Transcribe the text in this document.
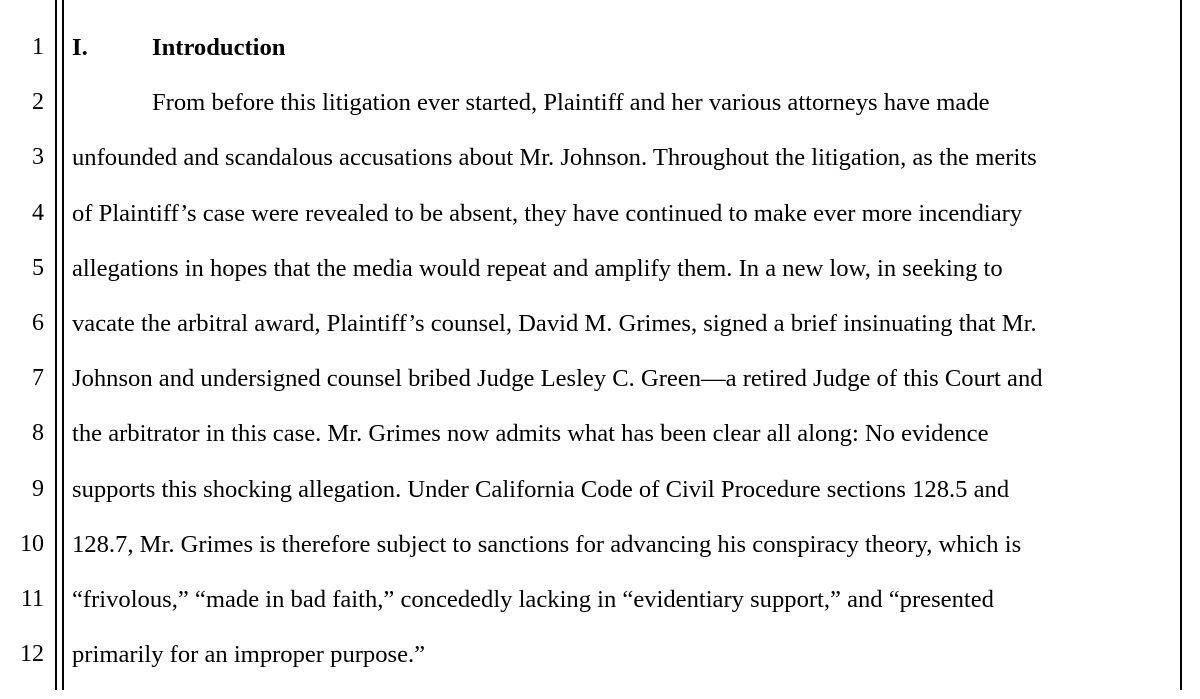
1
2
3
4
5
6
7
8
9
10
11
12
I.	Introduction
From before this litigation ever started, Plaintiff and her various attorneys have made
unfounded and scandalous accusations about Mr. Johnson. Throughout the litigation, as the merits
of Plaintiff’s case were revealed to be absent, they have continued to make ever more incendiary
allegations in hopes that the media would repeat and amplify them. In a new low, in seeking to
vacate the arbitral award, Plaintiff’s counsel, David M. Grimes, signed a brief insinuating that Mr.
Johnson and undersigned counsel bribed Judge Lesley C. Green—a retired Judge of this Court and
the arbitrator in this case. Mr. Grimes now admits what has been clear all along: No evidence
supports this shocking allegation. Under California Code of Civil Procedure sections 128.5 and
128.7, Mr. Grimes is therefore subject to sanctions for advancing his conspiracy theory, which is
“frivolous,” “made in bad faith,” concededly lacking in “evidentiary support,” and “presented
primarily for an improper purpose.”
